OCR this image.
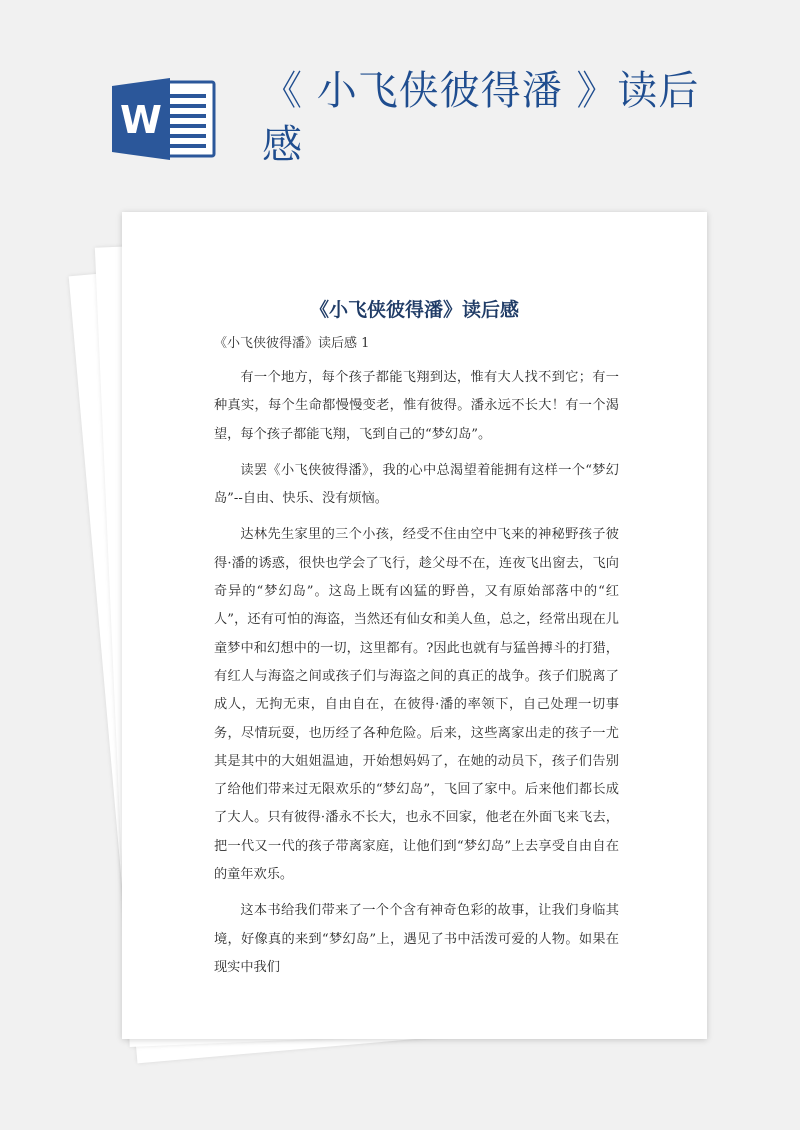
W
《 小飞侠彼得潘 》读后感
《小飞侠彼得潘》读后感
《小飞侠彼得潘》读后感 1

有一个地方，每个孩子都能飞翔到达，惟有大人找不到它；有一种真实，每个生命都慢慢变老，惟有彼得。潘永远不长大！有一个渴望，每个孩子都能飞翔，飞到自己的“梦幻岛”。

读罢《小飞侠彼得潘》，我的心中总渴望着能拥有这样一个“梦幻岛”--自由、快乐、没有烦恼。

达林先生家里的三个小孩，经受不住由空中飞来的神秘野孩子彼得·潘的诱惑，很快也学会了飞行，趁父母不在，连夜飞出窗去，飞向奇异的“梦幻岛”。这岛上既有凶猛的野兽，又有原始部落中的“红人”，还有可怕的海盗，当然还有仙女和美人鱼，总之，经常出现在儿童梦中和幻想中的一切，这里都有。?因此也就有与猛兽搏斗的打猎，有红人与海盗之间或孩子们与海盗之间的真正的战争。孩子们脱离了成人，无拘无束，自由自在，在彼得·潘的率领下，自己处理一切事务，尽情玩耍，也历经了各种危险。后来，这些离家出走的孩子一尤其是其中的大姐姐温迪，开始想妈妈了，在她的动员下，孩子们告别了给他们带来过无限欢乐的“梦幻岛”，飞回了家中。后来他们都长成了大人。只有彼得·潘永不长大，也永不回家，他老在外面飞来飞去，把一代又一代的孩子带离家庭，让他们到“梦幻岛”上去享受自由自在的童年欢乐。

这本书给我们带来了一个个含有神奇色彩的故事，让我们身临其境，好像真的来到“梦幻岛”上，遇见了书中活泼可爱的人物。如果在现实中我们
